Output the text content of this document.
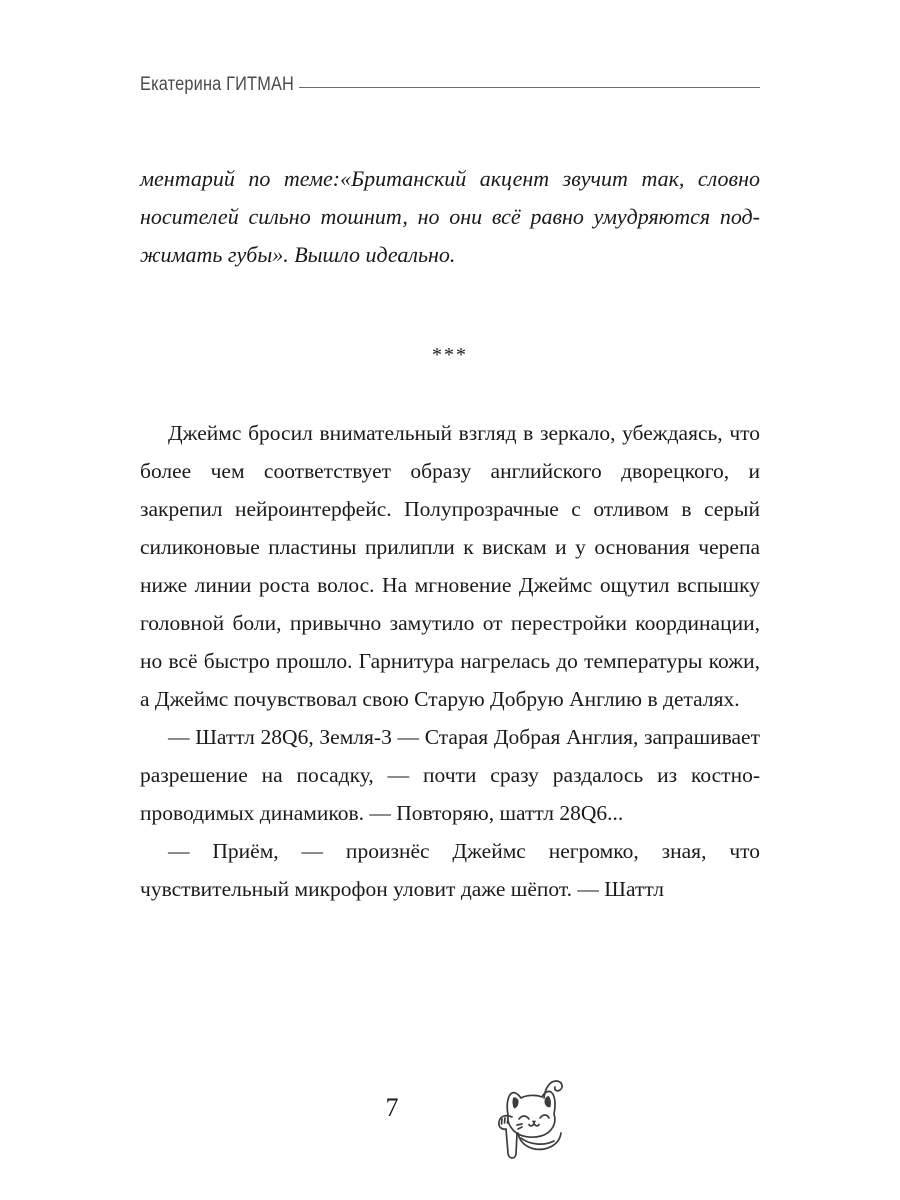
Екатерина ГИТМАН

ментарий по теме:«Британский акцент звучит так, словно носителей сильно тошнит, но они всё равно умудряются под-жимать губы». Вышло идеально.

***

Джеймс бросил внимательный взгляд в зеркало, убеждаясь, что более чем соответствует образу английского дворецкого, и закрепил нейроинтерфейс. Полупрозрачные с отливом в серый силиконовые пластины прилипли к вискам и у основания черепа ниже линии роста волос. На мгновение Джеймс ощутил вспышку головной боли, привычно замутило от перестройки координации, но всё быстро прошло. Гарнитура нагрелась до температуры кожи, а Джеймс почувствовал свою Старую Добрую Англию в деталях.

— Шаттл 28Q6, Земля-3 — Старая Добрая Англия, запрашивает разрешение на посадку, — почти сразу раздалось из костно-проводимых динамиков. — Повторяю, шаттл 28Q6...

— Приём, — произнёс Джеймс негромко, зная, что чувствительный микрофон уловит даже шёпот. — Шаттл

7
